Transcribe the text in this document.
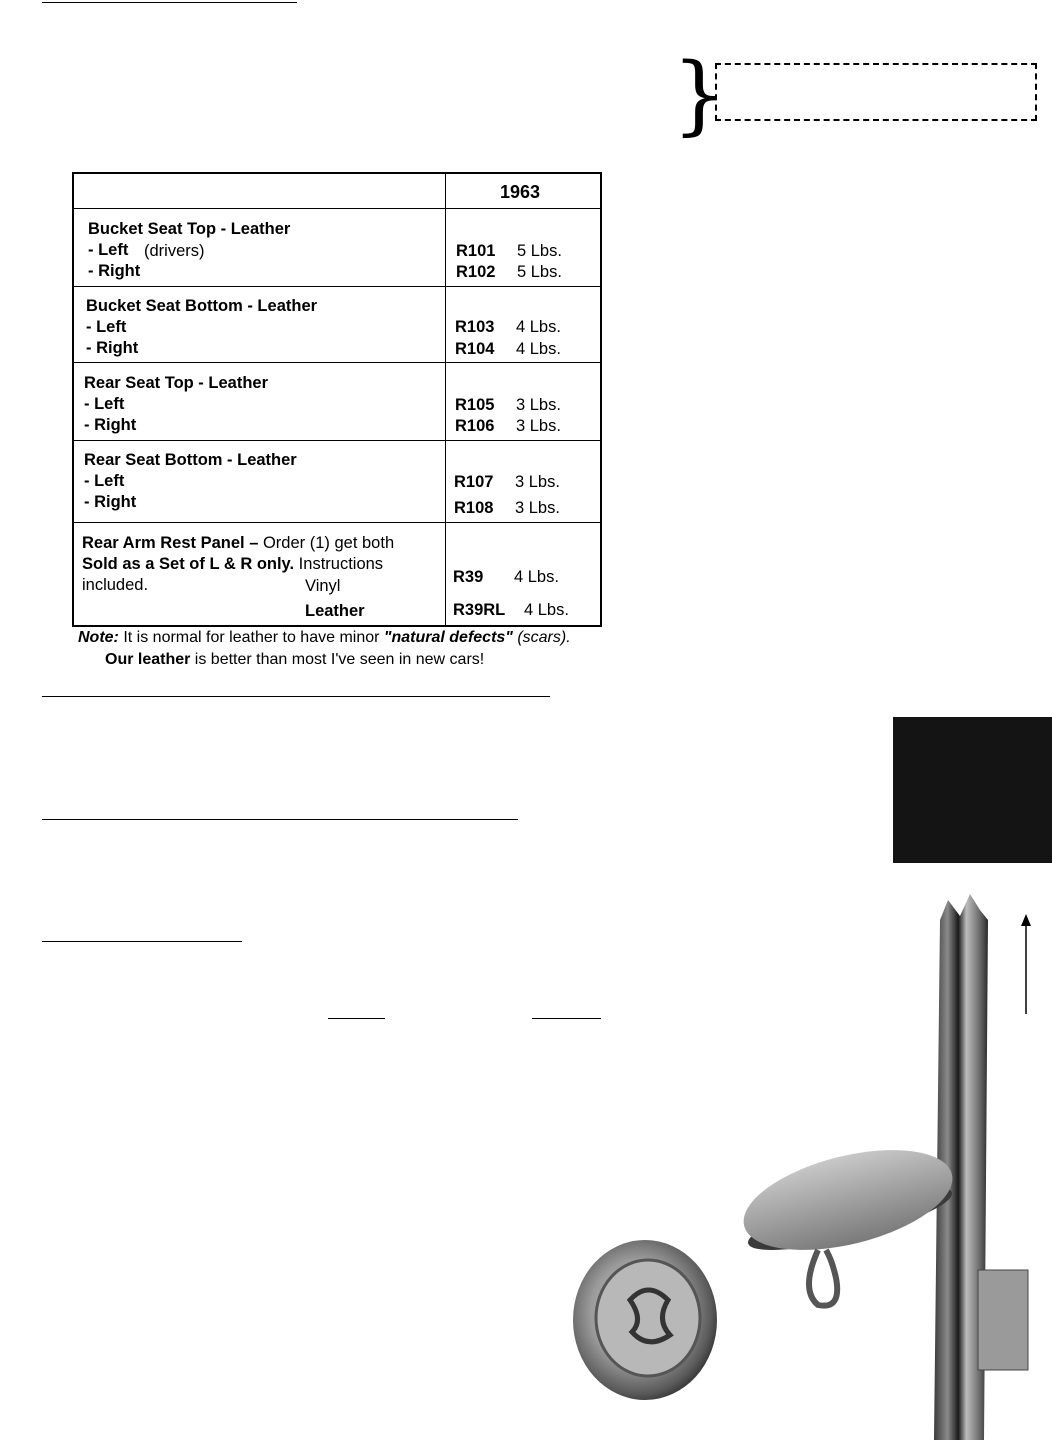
}
1963
Bucket Seat Top - Leather
- Left (drivers)
- Right
R101 5 Lbs.
R102 5 Lbs.
Bucket Seat Bottom - Leather
- Left
- Right
R103 4 Lbs.
R104 4 Lbs.
Rear Seat Top - Leather
- Left
- Right
R105 3 Lbs.
R106 3 Lbs.
Rear Seat Bottom - Leather
- Left
- Right
R107 3 Lbs.
R108 3 Lbs.
Rear Arm Rest Panel – Order (1) get both
Sold as a Set of L & R only. Instructions
included.	Vinyl
Leather
R39 4 Lbs.
R39RL 4 Lbs.
Note: It is normal for leather to have minor "natural defects" (scars).
Our leather is better than most I've seen in new cars!
